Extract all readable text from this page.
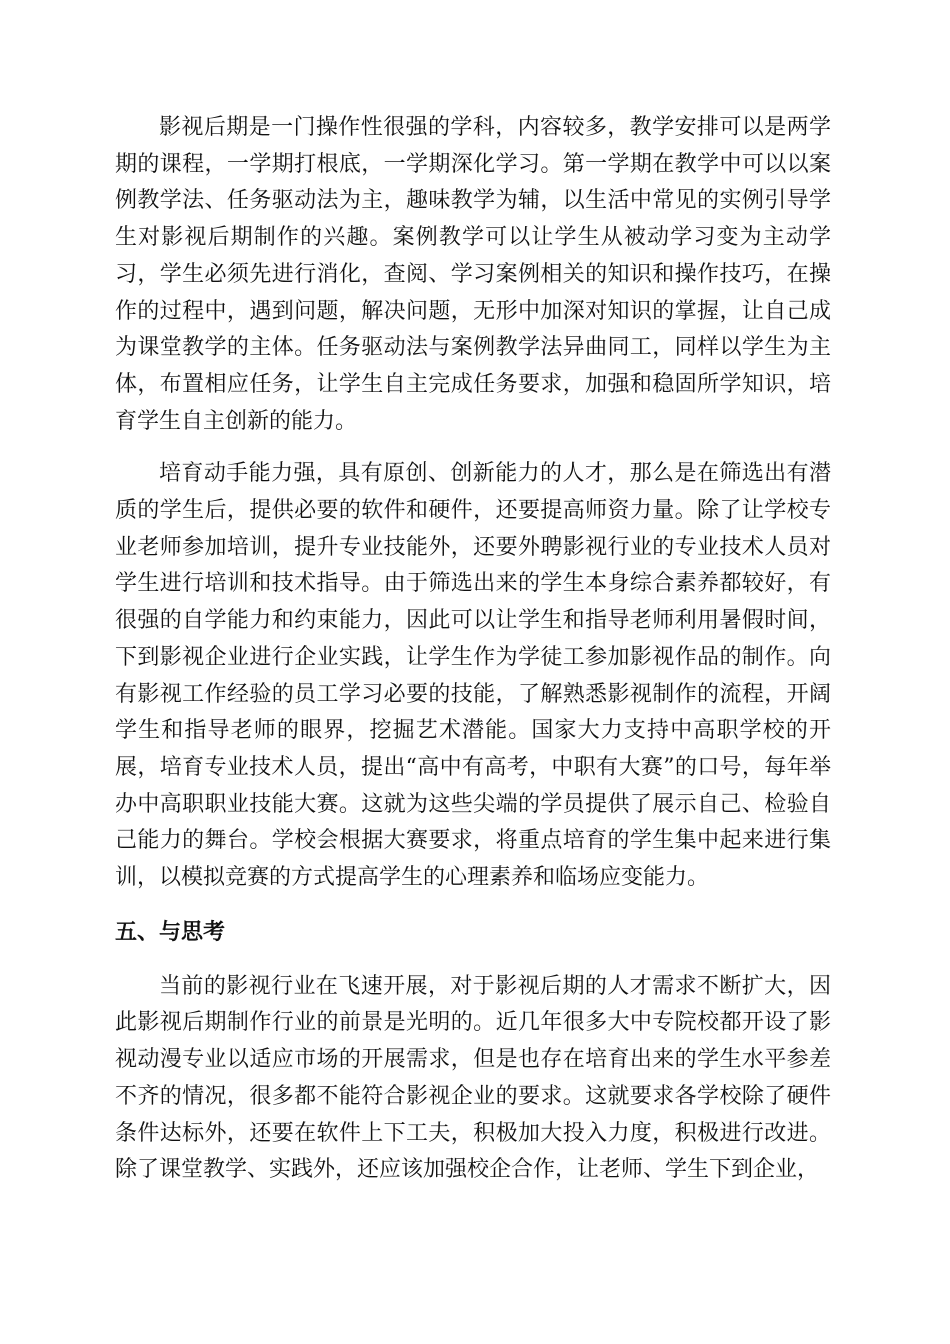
影视后期是一门操作性很强的学科，内容较多，教学安排可以是两学期的课程，一学期打根底，一学期深化学习。第一学期在教学中可以以案例教学法、任务驱动法为主，趣味教学为辅，以生活中常见的实例引导学生对影视后期制作的兴趣。案例教学可以让学生从被动学习变为主动学习，学生必须先进行消化，查阅、学习案例相关的知识和操作技巧，在操作的过程中，遇到问题，解决问题，无形中加深对知识的掌握，让自己成为课堂教学的主体。任务驱动法与案例教学法异曲同工，同样以学生为主体，布置相应任务，让学生自主完成任务要求，加强和稳固所学知识，培育学生自主创新的能力。

培育动手能力强，具有原创、创新能力的人才，那么是在筛选出有潜质的学生后，提供必要的软件和硬件，还要提高师资力量。除了让学校专业老师参加培训，提升专业技能外，还要外聘影视行业的专业技术人员对学生进行培训和技术指导。由于筛选出来的学生本身综合素养都较好，有很强的自学能力和约束能力，因此可以让学生和指导老师利用暑假时间，下到影视企业进行企业实践，让学生作为学徒工参加影视作品的制作。向有影视工作经验的员工学习必要的技能，了解熟悉影视制作的流程，开阔学生和指导老师的眼界，挖掘艺术潜能。国家大力支持中高职学校的开展，培育专业技术人员，提出“高中有高考，中职有大赛”的口号，每年举办中高职职业技能大赛。这就为这些尖端的学员提供了展示自己、检验自己能力的舞台。学校会根据大赛要求，将重点培育的学生集中起来进行集训，以模拟竞赛的方式提高学生的心理素养和临场应变能力。

五、与思考

当前的影视行业在飞速开展，对于影视后期的人才需求不断扩大，因此影视后期制作行业的前景是光明的。近几年很多大中专院校都开设了影视动漫专业以适应市场的开展需求，但是也存在培育出来的学生水平参差不齐的情况，很多都不能符合影视企业的要求。这就要求各学校除了硬件条件达标外，还要在软件上下工夫，积极加大投入力度，积极进行改进。除了课堂教学、实践外，还应该加强校企合作，让老师、学生下到企业，
